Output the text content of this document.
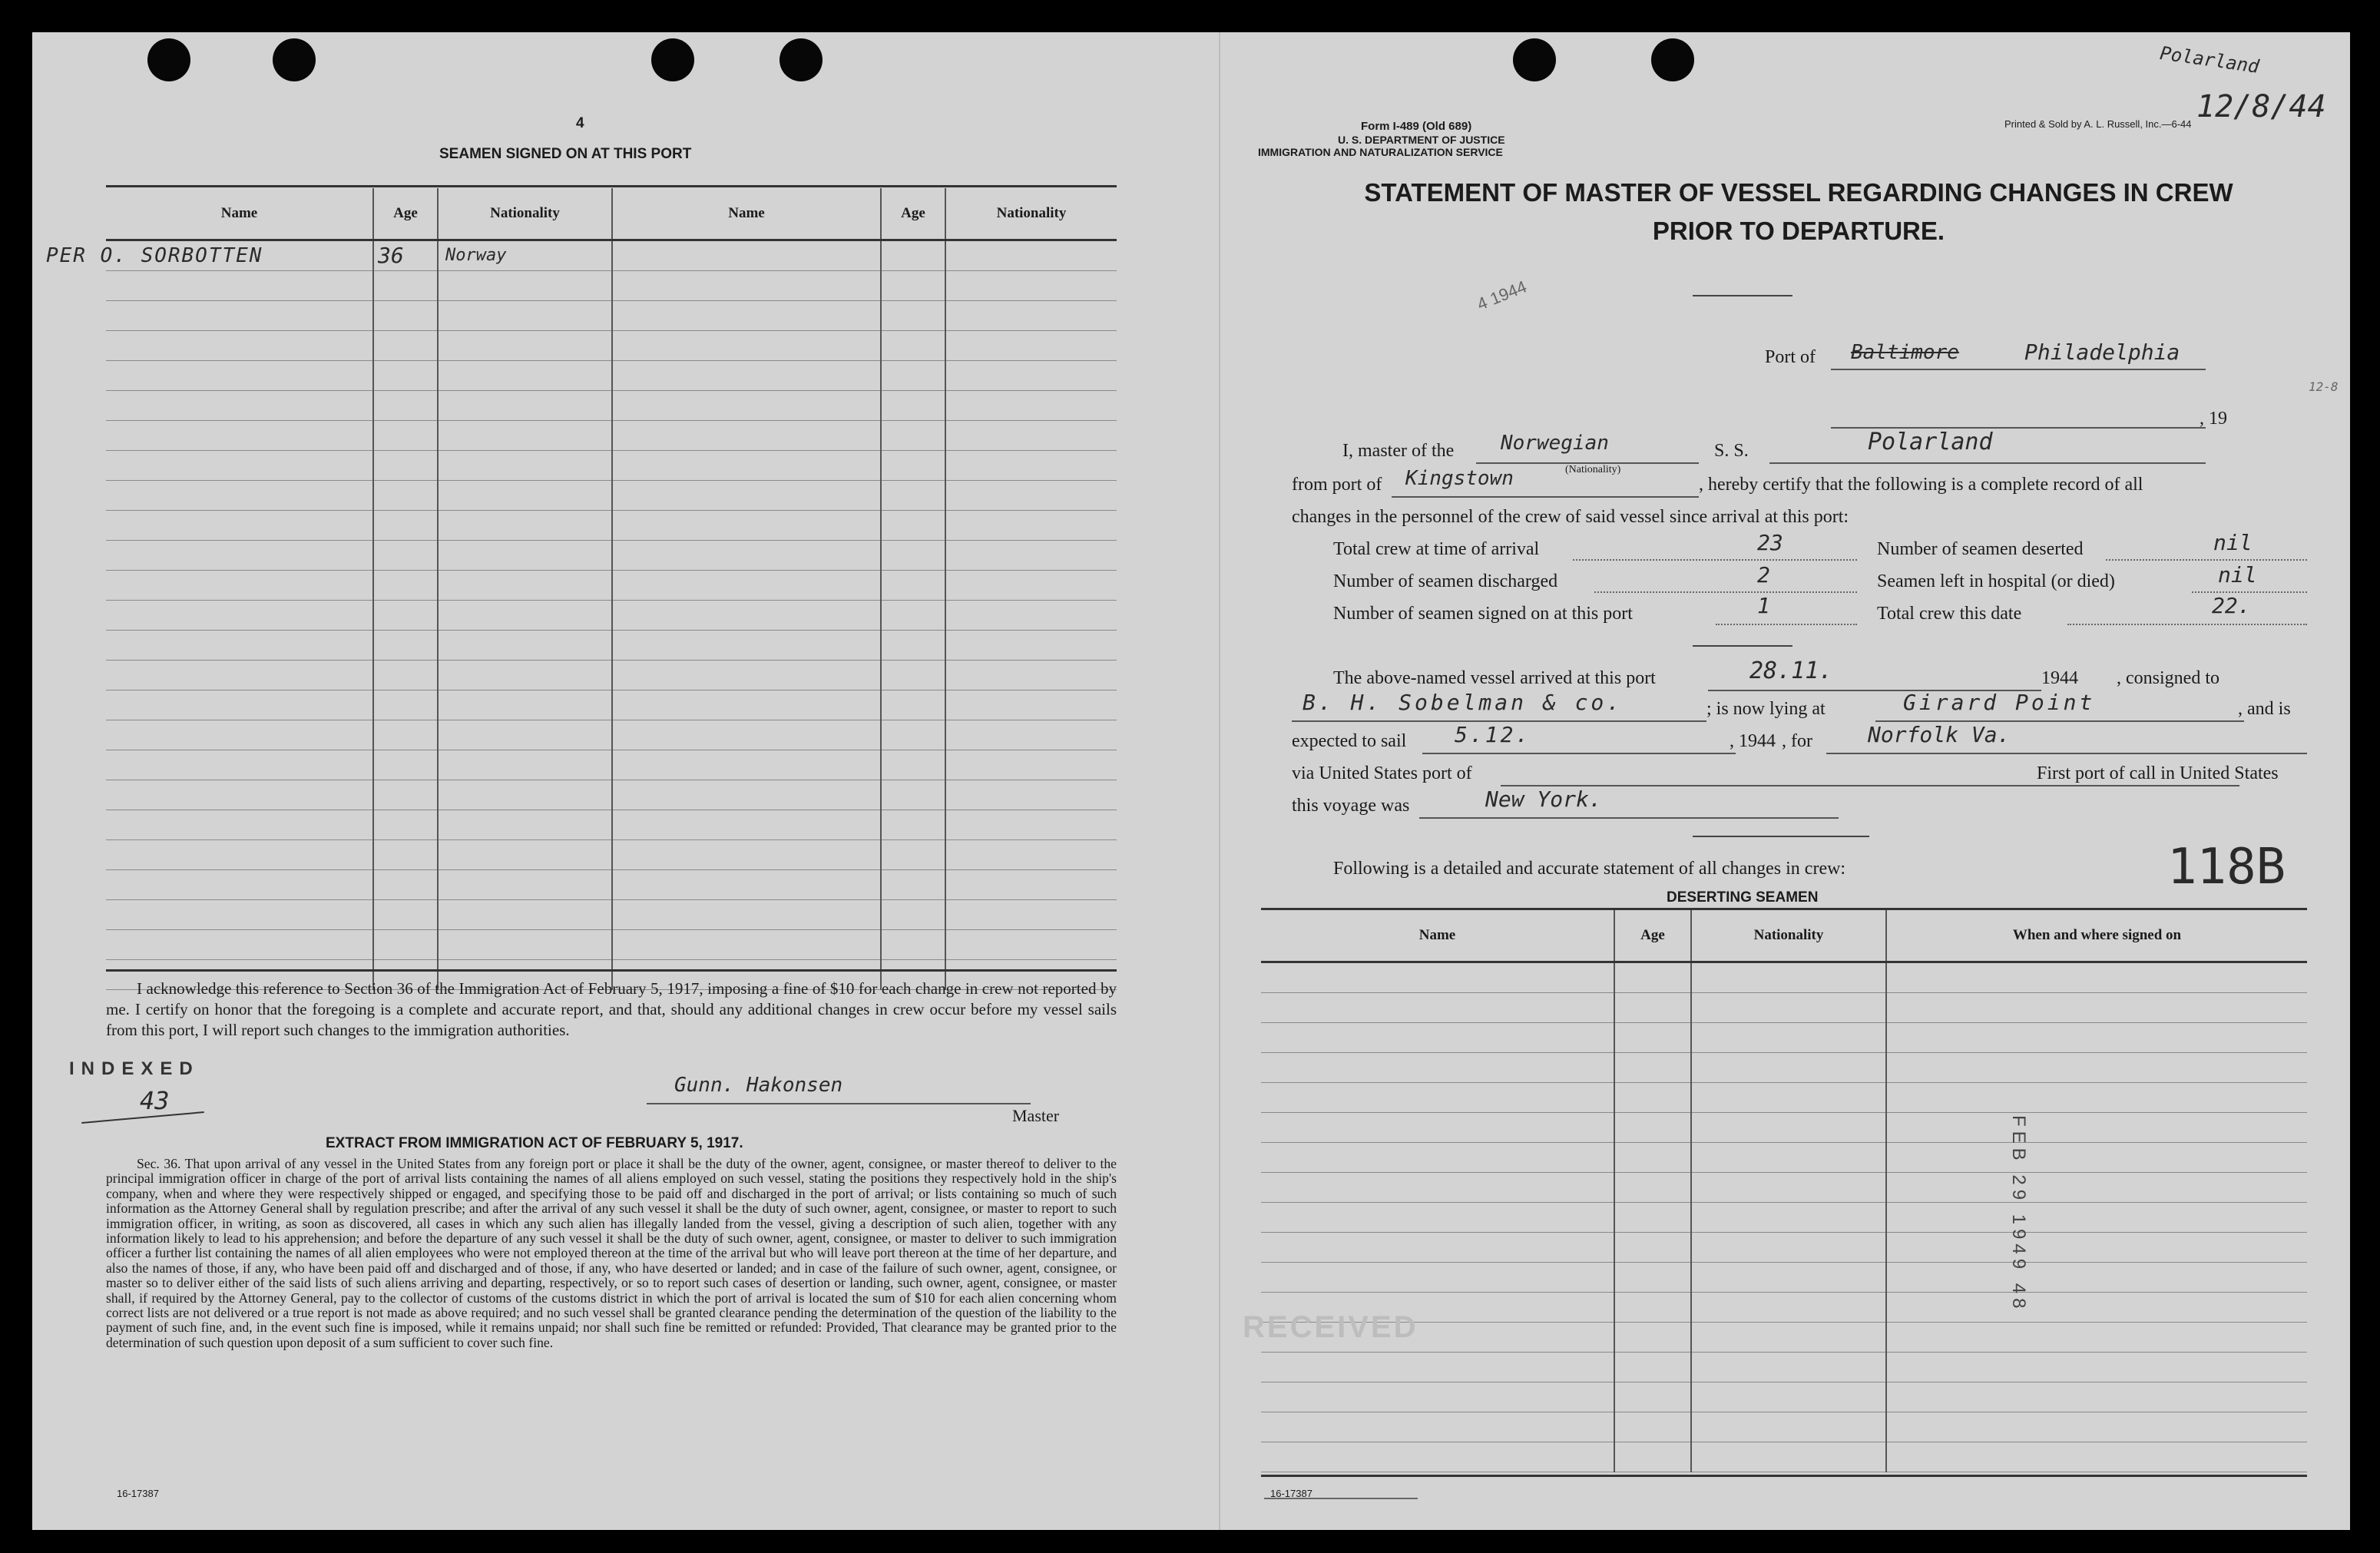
4
SEAMEN SIGNED ON AT THIS PORT
Name	Age	Nationality	Name	Age	Nationality

PER O. SORBOTTEN	36 Norway
I acknowledge this reference to Section 36 of the Immigration Act of February 5, 1917, imposing a fine of $10 for each change in crew not reported by me. I certify on honor that the foregoing is a complete and accurate report, and that, should any additional changes in crew occur before my vessel sails from this port, I will report such changes to the immigration authorities.
INDEXED
43
Gunn. Hakonsen
Master
EXTRACT FROM IMMIGRATION ACT OF FEBRUARY 5, 1917.
Sec. 36. That upon arrival of any vessel in the United States from any foreign port or place it shall be the duty of the owner, agent, consignee, or master thereof to deliver to the principal immigration officer in charge of the port of arrival lists containing the names of all aliens employed on such vessel, stating the positions they respectively hold in the ship's company, when and where they were respectively shipped or engaged, and specifying those to be paid off and discharged in the port of arrival; or lists containing so much of such information as the Attorney General shall by regulation prescribe; and after the arrival of any such vessel it shall be the duty of such owner, agent, consignee, or master to report to such immigration officer, in writing, as soon as discovered, all cases in which any such alien has illegally landed from the vessel, giving a description of such alien, together with any information likely to lead to his apprehension; and before the departure of any such vessel it shall be the duty of such owner, agent, consignee, or master to deliver to such immigration officer a further list containing the names of all alien employees who were not employed thereon at the time of the arrival but who will leave port thereon at the time of her departure, and also the names of those, if any, who have been paid off and discharged and of those, if any, who have deserted or landed; and in case of the failure of such owner, agent, consignee, or master so to deliver either of the said lists of such aliens arriving and departing, respectively, or so to report such cases of desertion or landing, such owner, agent, consignee, or master shall, if required by the Attorney General, pay to the collector of customs of the customs district in which the port of arrival is located the sum of $10 for each alien concerning whom correct lists are not delivered or a true report is not made as above required; and no such vessel shall be granted clearance pending the determination of the question of the liability to the payment of such fine, and, in the event such fine is imposed, while it remains unpaid; nor shall such fine be remitted or refunded: Provided, That clearance may be granted prior to the determination of such question upon deposit of a sum sufficient to cover such fine.
16-17387
Form I-489 (Old 689)
U. S. DEPARTMENT OF JUSTICE
IMMIGRATION AND NATURALIZATION SERVICE
Printed & Sold by A. L. Russell, Inc.—6-44
Polarland
12/8/44
STATEMENT OF MASTER OF VESSEL REGARDING CHANGES IN CREW
PRIOR TO DEPARTURE.
4 1944
Port of Baltimore	Philadelphia
, 19
12-8
I, master of the Norwegian
(Nationality)
S. S.	Polarland
from port of Kingstown	, hereby certify that the following is a complete record of all
changes in the personnel of the crew of said vessel since arrival at this port:
Total crew at time of arrival	23
Number of seamen discharged	2
Number of seamen signed on at this port	1
Number of seamen deserted	nil
Seamen left in hospital (or died)	nil
Total crew this date	22.
The above-named vessel arrived at this port	28.11.	1944 , consigned to
B. H. Sobelman & co.	; is now lying at	Girard Point	, and is
expected to sail 5.12.	, 1944 , for	Norfolk Va.
via United States port of	First port of call in United States
this voyage was	New York.
Following is a detailed and accurate statement of all changes in crew:	118B
DESERTING SEAMEN
Name	Age	Nationality	When and where signed on

FEB 29 1949 48
RECEIVED
16-17387
